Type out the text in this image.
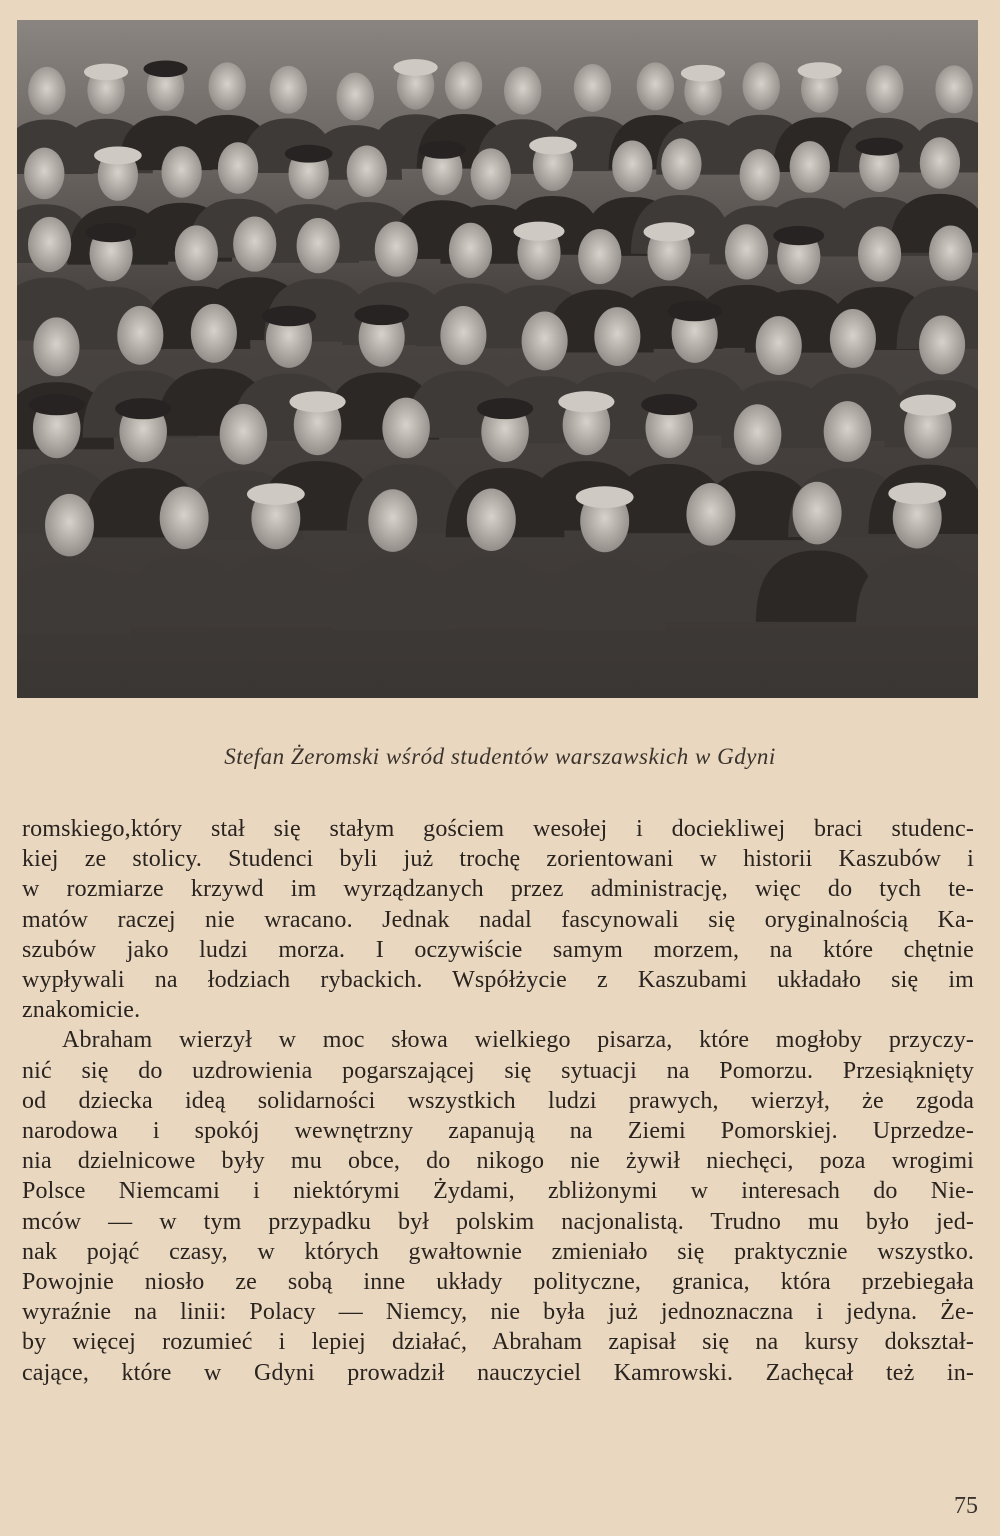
Stefan Żeromski wśród studentów warszawskich w Gdyni
romskiego,który stał się stałym gościem wesołej i dociekliwej braci studenc-
kiej ze stolicy. Studenci byli już trochę zorientowani w historii Kaszubów i
w rozmiarze krzywd im wyrządzanych przez administrację, więc do tych te-
matów raczej nie wracano. Jednak nadal fascynowali się oryginalnością Ka-
szubów jako ludzi morza. I oczywiście samym morzem, na które chętnie
wypływali na łodziach rybackich. Współżycie z Kaszubami układało się im
znakomicie.
Abraham wierzył w moc słowa wielkiego pisarza, które mogłoby przyczy-
nić się do uzdrowienia pogarszającej się sytuacji na Pomorzu. Przesiąknięty
od dziecka ideą solidarności wszystkich ludzi prawych, wierzył, że zgoda
narodowa i spokój wewnętrzny zapanują na Ziemi Pomorskiej. Uprzedze-
nia dzielnicowe były mu obce, do nikogo nie żywił niechęci, poza wrogimi
Polsce Niemcami i niektórymi Żydami, zbliżonymi w interesach do Nie-
mców — w tym przypadku był polskim nacjonalistą. Trudno mu było jed-
nak pojąć czasy, w których gwałtownie zmieniało się praktycznie wszystko.
Powojnie niosło ze sobą inne układy polityczne, granica, która przebiegała
wyraźnie na linii: Polacy — Niemcy, nie była już jednoznaczna i jedyna. Że-
by więcej rozumieć i lepiej działać, Abraham zapisał się na kursy dokształ-
cające, które w Gdyni prowadził nauczyciel Kamrowski. Zachęcał też in-
75
